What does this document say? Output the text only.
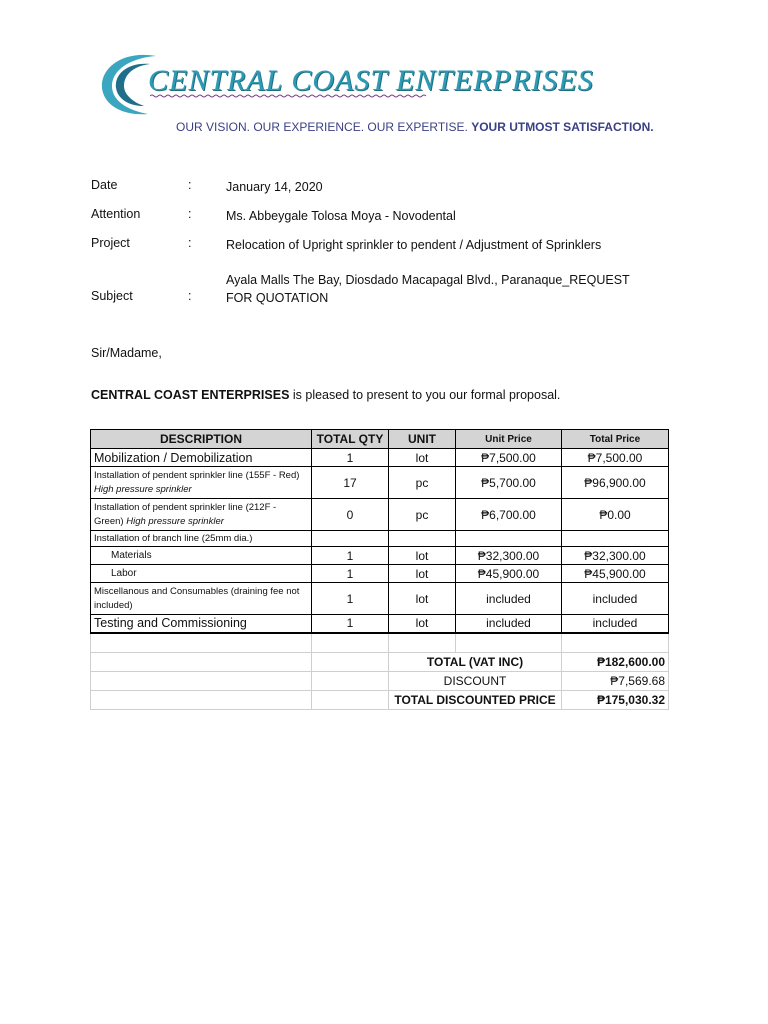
CENTRAL COAST ENTERPRISES
OUR VISION. OUR EXPERIENCE. OUR EXPERTISE. YOUR UTMOST SATISFACTION.
Date	:	January 14, 2020
Attention	:	Ms. Abbeygale Tolosa Moya - Novodental
Project	:	Relocation of Upright sprinkler to pendent / Adjustment of Sprinklers
Subject	:
Ayala Malls The Bay, Diosdado Macapagal Blvd., Paranaque_REQUEST FOR QUOTATION
Sir/Madame,
CENTRAL COAST ENTERPRISES is pleased to present to you our formal proposal.
DESCRIPTION	TOTAL QTY	UNIT	Unit Price	Total Price
Mobilization / Demobilization	1	lot	₱7,500.00	₱7,500.00
Installation of pendent sprinkler line (155F - Red) High pressure sprinkler	17	pc	₱5,700.00	₱96,900.00
Installation of pendent sprinkler line (212F - Green) High pressure sprinkler	0	pc	₱6,700.00	₱0.00
Installation of branch line (25mm dia.)				
Materials	1	lot	₱32,300.00	₱32,300.00
Labor	1	lot	₱45,900.00	₱45,900.00
Miscellanous and Consumables (draining fee not included)	1	lot	included	included
Testing and Commissioning	1	lot	included	included

		TOTAL (VAT INC)		₱182,600.00
		DISCOUNT		₱7,569.68
		TOTAL DISCOUNTED PRICE		₱175,030.32
